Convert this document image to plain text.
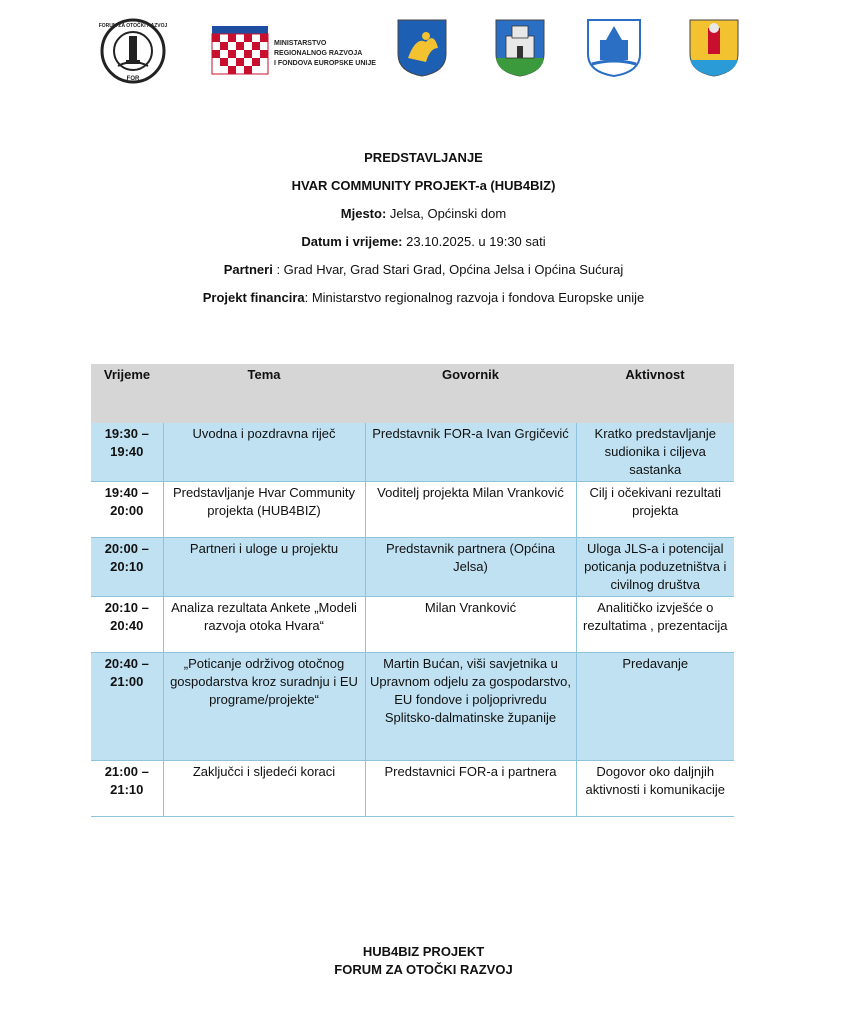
FORUM ZA OTOČKI RAZVOJ
FOR
MINISTARSTVO
REGIONALNOG RAZVOJA
I FONDOVA EUROPSKE UNIJE
PREDSTAVLJANJE
HVAR COMMUNITY PROJEKT-a (HUB4BIZ)
Mjesto: Jelsa, Općinski dom
Datum i vrijeme: 23.10.2025. u 19:30 sati
Partneri : Grad Hvar, Grad Stari Grad, Općina Jelsa i Općina Sućuraj
Projekt financira: Ministarstvo regionalnog razvoja i fondova Europske unije
Vrijeme	Tema	Govornik	Aktivnost
19:30 – 19:40	Uvodna i pozdravna riječ	Predstavnik FOR-a Ivan Grgičević	Kratko predstavljanje sudionika i ciljeva sastanka
19:40 – 20:00	Predstavljanje Hvar Community projekta (HUB4BIZ)	Voditelj projekta Milan Vranković	Cilj i očekivani rezultati projekta
20:00 – 20:10	Partneri i uloge u projektu	Predstavnik partnera (Općina Jelsa)	Uloga JLS-a i potencijal poticanja poduzetništva i civilnog društva
20:10 – 20:40	Analiza rezultata Ankete „Modeli razvoja otoka Hvara“	Milan Vranković	Analitičko izvješće o rezultatima , prezentacija
20:40 – 21:00	„Poticanje održivog otočnog gospodarstva kroz suradnju i EU programe/projekte“	Martin Bućan, viši savjetnika u Upravnom odjelu za gospodarstvo, EU fondove i poljoprivredu Splitsko-dalmatinske županije	Predavanje
21:00 – 21:10	Zaključci i sljedeći koraci	Predstavnici FOR-a i partnera	Dogovor oko daljnjih aktivnosti i komunikacije
HUB4BIZ PROJEKT
FORUM ZA OTOČKI RAZVOJ
